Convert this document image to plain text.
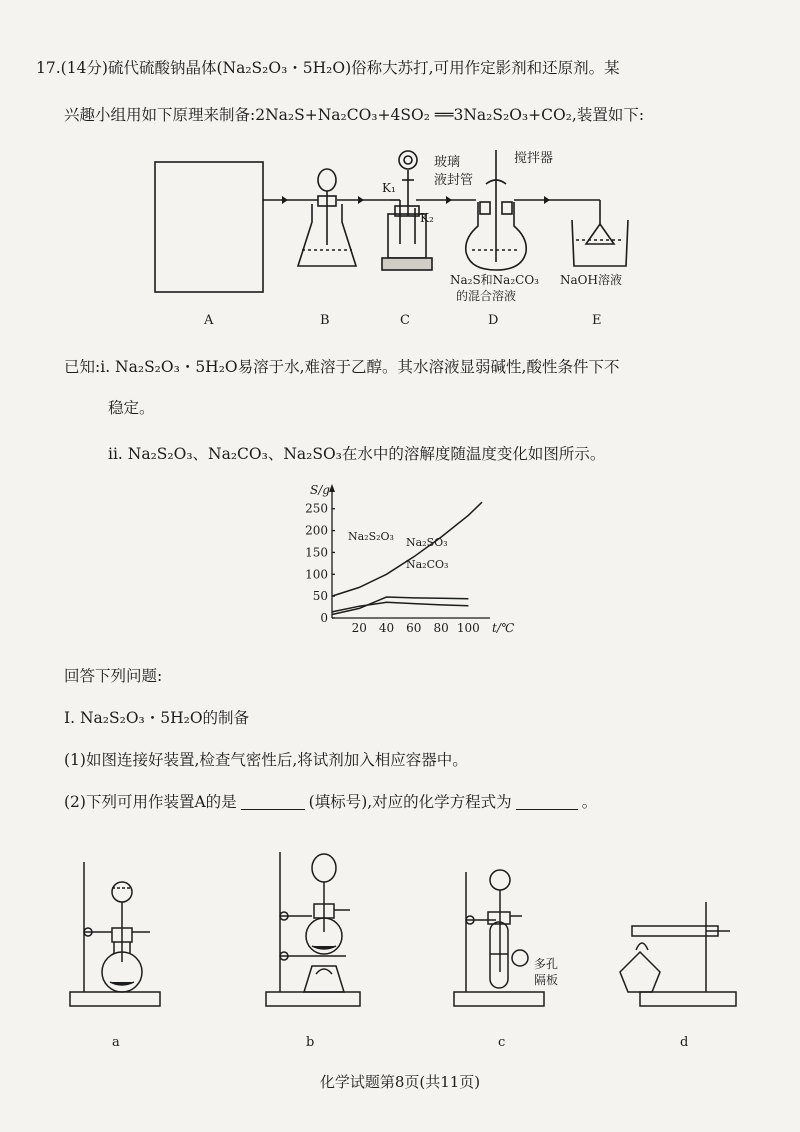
17.(14分)硫代硫酸钠晶体(Na₂S₂O₃・5H₂O)俗称大苏打,可用作定影剂和还原剂。某
兴趣小组用如下原理来制备:2Na₂S+Na₂CO₃+4SO₂ ══3Na₂S₂O₃+CO₂,装置如下:
玻璃
液封管
搅拌器
K₁
K₂
Na₂S和Na₂CO₃
的混合溶液
NaOH溶液
A	B	C	D	E
已知:i. Na₂S₂O₃・5H₂O易溶于水,难溶于乙醇。其水溶液显弱碱性,酸性条件下不
稳定。
ii. Na₂S₂O₃、Na₂CO₃、Na₂SO₃在水中的溶解度随温度变化如图所示。
S/g
0
50
100
150
200
250
20 40 60 80 100 t/℃
Na₂S₂O₃
Na₂CO₃
Na₂SO₃
回答下列问题:
Ⅰ. Na₂S₂O₃・5H₂O的制备
(1)如图连接好装置,检查气密性后,将试剂加入相应容器中。
(2)下列可用作装置A的是	(填标号),对应的化学方程式为	。
多孔
隔板
a	b	c	d
化学试题第8页(共11页)
